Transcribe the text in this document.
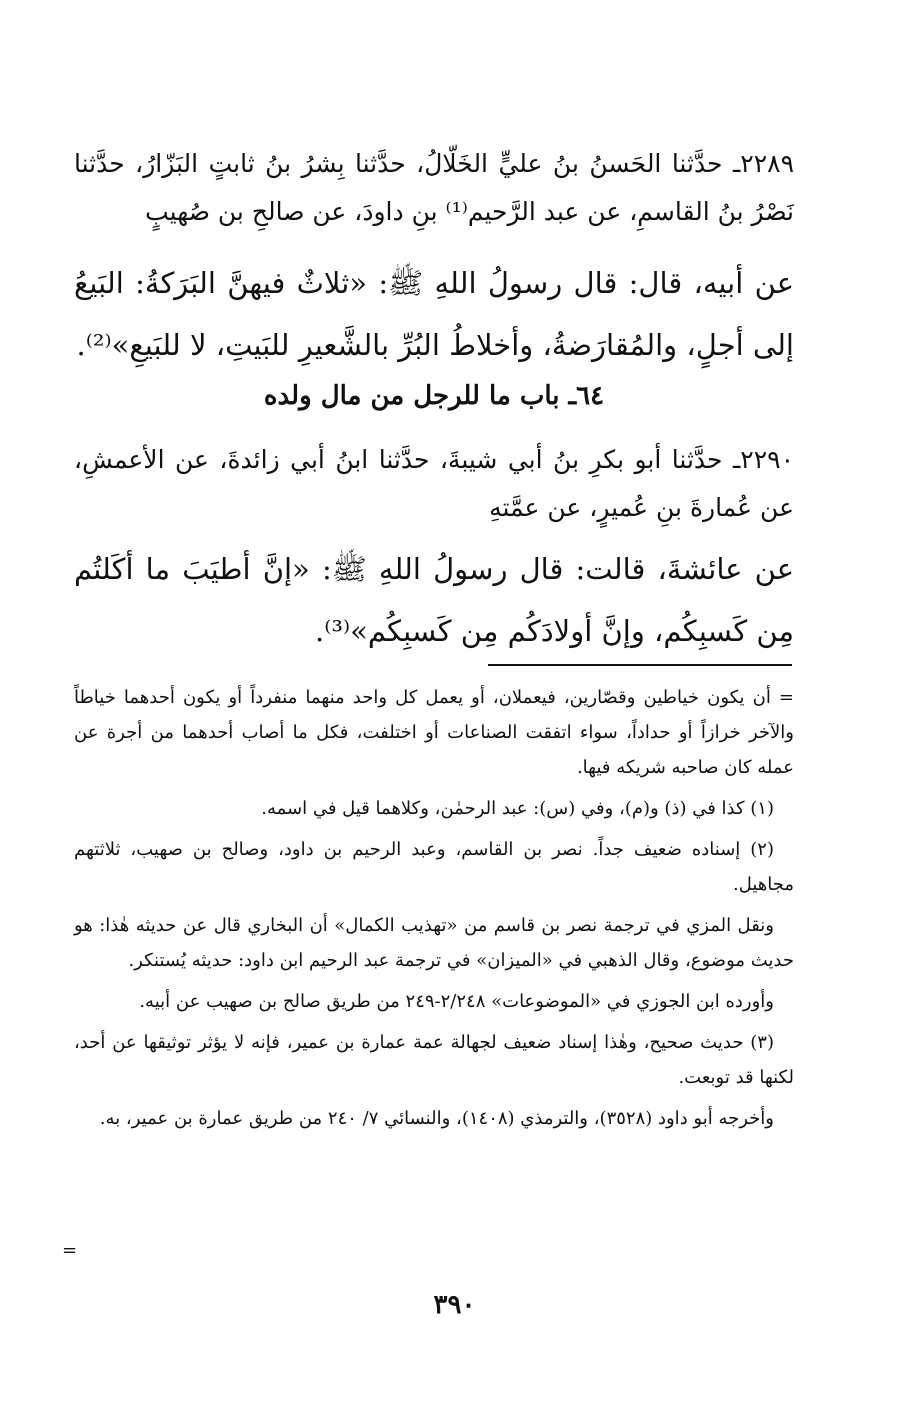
٢٢٨٩ـ حدَّثنا الحَسنُ بنُ عليٍّ الخَلّالُ، حدَّثنا بِشرُ بنُ ثابتٍ البَزّارُ، حدَّثنا نَصْرُ بنُ القاسمِ، عن عبد الرَّحيم⁽¹⁾ بنِ داودَ، عن صالحِ بن صُهيبٍ

عن أبيه، قال: قال رسولُ اللهِ ﷺ: «ثلاثٌ فيهنَّ البَرَكةُ: البَيعُ إلى أجلٍ، والمُقارَضةُ، وأخلاطُ البُرِّ بالشَّعيرِ للبَيتِ، لا للبَيعِ»⁽²⁾.

٦٤ـ باب ما للرجل من مال ولده

٢٢٩٠ـ حدَّثنا أبو بكرِ بنُ أبي شيبةَ، حدَّثنا ابنُ أبي زائدةَ، عن الأعمشِ، عن عُمارةَ بنِ عُميرٍ، عن عمَّتهِ

عن عائشةَ، قالت: قال رسولُ اللهِ ﷺ: «إنَّ أطيَبَ ما أكَلتُم مِن كَسبِكُم، وإنَّ أولادَكُم مِن كَسبِكُم»⁽³⁾.

= أن يكون خياطين وقصّارين، فيعملان، أو يعمل كل واحد منهما منفرداً أو يكون أحدهما خياطاً والآخر خرازاً أو حداداً، سواء اتفقت الصناعات أو اختلفت، فكل ما أصاب أحدهما من أجرة عن عمله كان صاحبه شريكه فيها.

(١) كذا في (ذ) و(م)، وفي (س): عبد الرحمٰن، وكلاهما قيل في اسمه.

(٢) إسناده ضعيف جداً. نصر بن القاسم، وعبد الرحيم بن داود، وصالح بن صهيب، ثلاثتهم مجاهيل.

ونقل المزي في ترجمة نصر بن قاسم من «تهذيب الكمال» أن البخاري قال عن حديثه هٰذا: هو حديث موضوع، وقال الذهبي في «الميزان» في ترجمة عبد الرحيم ابن داود: حديثه يُستنكر.

وأورده ابن الجوزي في «الموضوعات» ٢/٢٤٨-٢٤٩ من طريق صالح بن صهيب عن أبيه.

(٣) حديث صحيح، وهٰذا إسناد ضعيف لجهالة عمة عمارة بن عمير، فإنه لا يؤثر توثيقها عن أحد، لكنها قد توبعت.

وأخرجه أبو داود (٣٥٢٨)، والترمذي (١٤٠٨)، والنسائي ٧/ ٢٤٠ من طريق عمارة بن عمير، به.

=
٣٩٠
